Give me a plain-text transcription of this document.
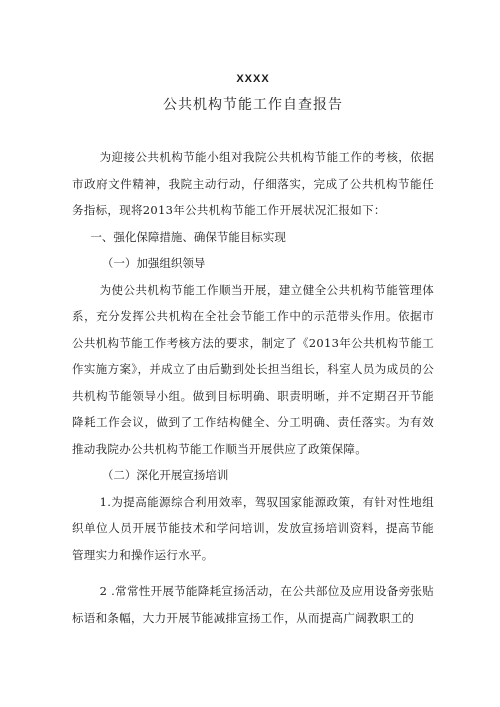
XXXX

公共机构节能工作自查报告

为迎接公共机构节能小组对我院公共机构节能工作的考核，依据市政府文件精神，我院主动行动，仔细落实，完成了公共机构节能任务指标，现将2013年公共机构节能工作开展状况汇报如下：

一、强化保障措施、确保节能目标实现

（一）加强组织领导

为使公共机构节能工作顺当开展，建立健全公共机构节能管理体系，充分发挥公共机构在全社会节能工作中的示范带头作用。依据市公共机构节能工作考核方法的要求，制定了《2013年公共机构节能工作实施方案》，并成立了由后勤到处长担当组长，科室人员为成员的公共机构节能领导小组。做到目标明确、职责明晰，并不定期召开节能降耗工作会议，做到了工作结构健全、分工明确、责任落实。为有效推动我院办公共机构节能工作顺当开展供应了政策保障。

（二）深化开展宣扬培训

1.为提高能源综合利用效率，驾驭国家能源政策，有针对性地组织单位人员开展节能技术和学问培训，发放宣扬培训资料，提高节能管理实力和操作运行水平。

2 .常常性开展节能降耗宣扬活动，在公共部位及应用设备旁张贴标语和条幅，大力开展节能减排宣扬工作，从而提高广阔教职工的
